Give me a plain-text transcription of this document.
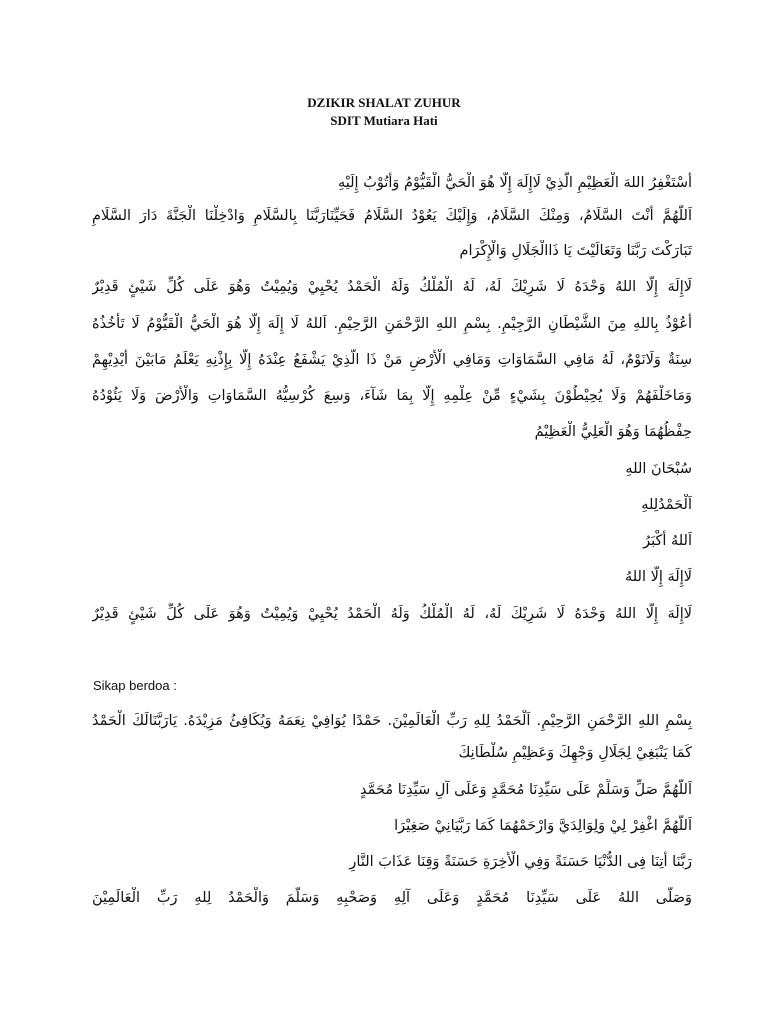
DZIKIR SHALAT ZUHUR

SDIT Mutiara Hati

أَسْتَغْفِرُ اللهَ الْعَظِيْمِ الَّذِيْ لَاإِلَهَ إِلَّا هُوَ الْحَيُّ الْقَيُّوْمُ وَأَتُوْبُ إِلَيْهِ

اَللَّهُمَّ أَنْتَ السَّلَامُ، وَمِنْكَ السَّلَامُ، وَإِلَيْكَ يَعُوْدُ السَّلَامُ فَحَيِّنَارَبَّنَا بِالسَّلَامِ وَادْخِلْنَا الْجَنَّةَ دَارَ السَّلَامِ

تَبَارَكْتَ رَبَّنَا وَتَعَالَيْتَ يَا ذَاالْجَلَالِ وَالْإِكْرَام

لَاإِلَهَ إِلَّا اللهُ وَحْدَهُ لَا شَرِيْكَ لَهُ، لَهُ الْمُلْكُ وَلَهُ الْحَمْدُ يُحْيِيْ وَيُمِيْتُ وَهُوَ عَلَى كُلِّ شَيْئٍ قَدِيْرٌ

أَعُوْذُ بِاللهِ مِنَ الشَّيْطَانِ الرَّجِيْمِ. بِسْمِ اللهِ الرَّحْمَنِ الرَّحِيْمِ. اَللهُ لَا إِلَهَ إِلَّا هُوَ الْحَيُّ الْقَيُّوْمُ لَا تَأْخُذُهُ

سِنَةٌ وَلَانَوْمٌ، لَهُ مَافِي السَّمَاوَاتِ وَمَافِي الْأَرْضِ مَنْ ذَا الَّذِيْ يَشْفَعُ عِنْدَهُ إِلَّا بِإِذْنِهِ يَعْلَمُ مَابَيْنَ أَيْدِيْهِمْ

وَمَاخَلْفَهُمْ وَلَا يُحِيْطُوْنَ بِشَيْءٍ مِّنْ عِلْمِهِ إِلَّا بِمَا شَآءَ، وَسِعَ كُرْسِيُّهُ السَّمَاوَاتِ وَالْأَرْضَ وَلَا يَئُوْدُهُ

حِفْظُهُمَا وَهُوَ الْعَلِيُّ الْعَظِيْمُ

سُبْحَانَ اللهِ

اَلْحَمْدُلِلهِ

اَللهُ أَكْبَرُ

لَاإِلَهَ إِلَّا اللهُ

لَاإِلَهَ إِلَّا اللهُ وَحْدَهُ لَا شَرِيْكَ لَهُ، لَهُ الْمُلْكُ وَلَهُ الْحَمْدُ يُحْيِيْ وَيُمِيْتُ وَهُوَ عَلَى كُلِّ شَيْئٍ قَدِيْرٌ

Sikap berdoa :

بِسْمِ اللهِ الرَّحْمَنِ الرَّحِيْمِ. اَلْحَمْدُ لِلهِ رَبِّ الْعَالَمِيْنَ. حَمْدًا يُوَافِيْ نِعَمَهُ وَيُكَافِئُ مَزِيْدَهُ. يَارَبَّنَالَكَ الْحَمْدُ

كَمَا يَنْبَغِيْ لِجَلَالِ وَجْهِكَ وَعَظِيْمِ سُلْطَانِكَ

اَللَّهُمَّ صَلِّ وَسَلِّمْ عَلَى سَيِّدِنَا مُحَمَّدٍ وَعَلَى آلِ سَيِّدِنَا مُحَمَّدٍ

اَللَّهُمَّ اغْفِرْ لِيْ وَلِوَالِدَيَّ وَارْحَمْهُمَا كَمَا رَبَّيَانِيْ صَغِيْرَا

رَبَّنَا أَتِنَا فِى الدُّنْيَا حَسَنَةً وَفِي الْأَخِرَةِ حَسَنَةً وَقِنَا عَذَابَ النَّارِ

وَصَلَّى اللهُ عَلَى سَيِّدِنَا مُحَمَّدٍ وَعَلَى آلِهِ وَصَحْبِهِ وَسَلَّمَ وَالْحَمْدُ لِلهِ رَبِّ الْعَالَمِيْنَ
